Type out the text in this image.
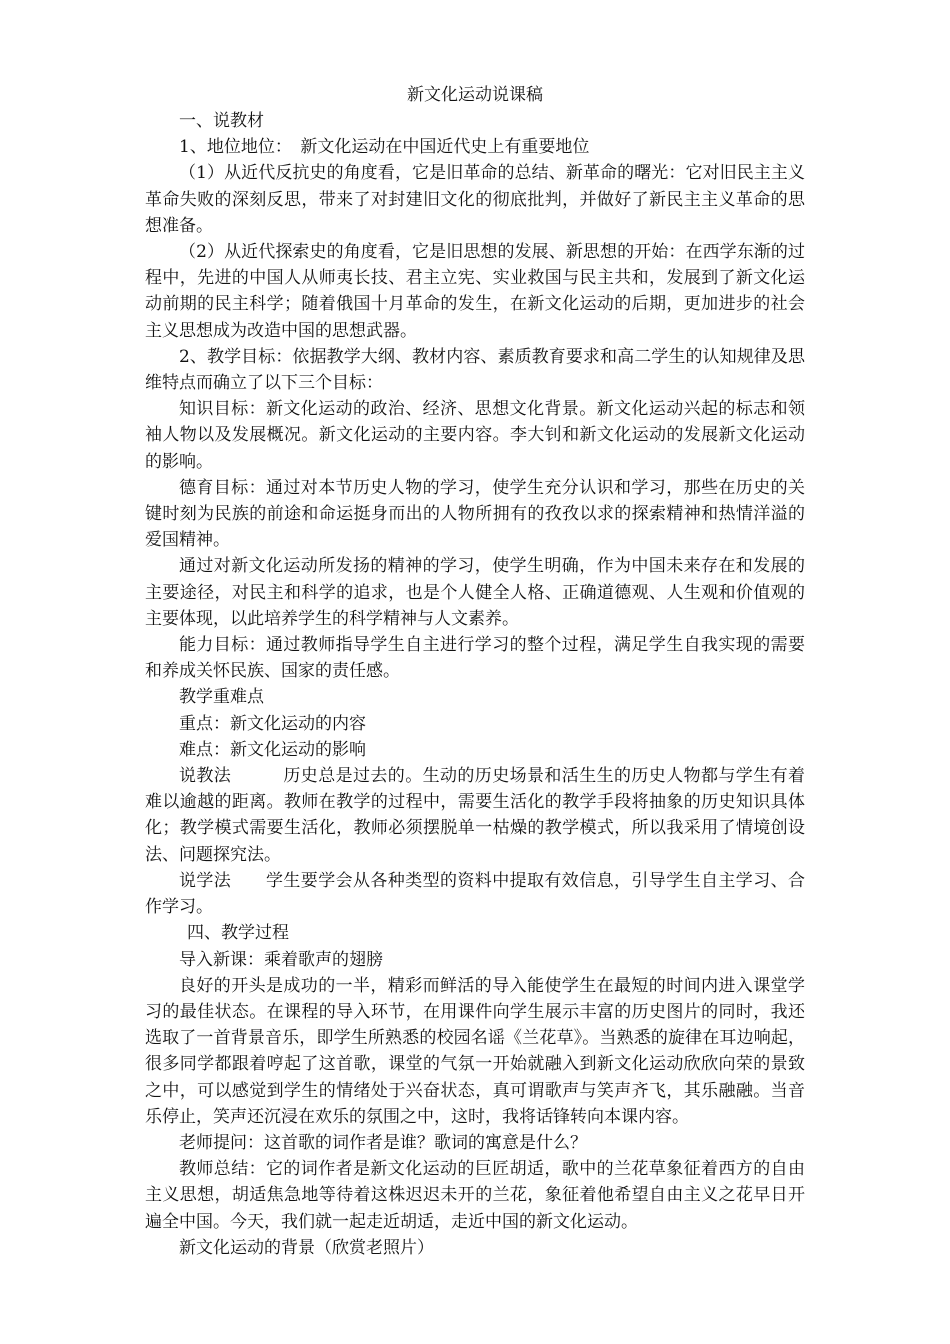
新文化运动说课稿

一、说教材

1、地位地位：　新文化运动在中国近代史上有重要地位

（1）从近代反抗史的角度看，它是旧革命的总结、新革命的曙光：它对旧民主主义革命失败的深刻反思，带来了对封建旧文化的彻底批判，并做好了新民主主义革命的思想准备。

（2）从近代探索史的角度看，它是旧思想的发展、新思想的开始：在西学东渐的过程中，先进的中国人从师夷长技、君主立宪、实业救国与民主共和，发展到了新文化运动前期的民主科学；随着俄国十月革命的发生，在新文化运动的后期，更加进步的社会主义思想成为改造中国的思想武器。

2、教学目标：依据教学大纲、教材内容、素质教育要求和高二学生的认知规律及思维特点而确立了以下三个目标：

知识目标：新文化运动的政治、经济、思想文化背景。新文化运动兴起的标志和领袖人物以及发展概况。新文化运动的主要内容。李大钊和新文化运动的发展新文化运动的影响。

德育目标：通过对本节历史人物的学习，使学生充分认识和学习，那些在历史的关键时刻为民族的前途和命运挺身而出的人物所拥有的孜孜以求的探索精神和热情洋溢的爱国精神。

通过对新文化运动所发扬的精神的学习，使学生明确，作为中国未来存在和发展的主要途径，对民主和科学的追求，也是个人健全人格、正确道德观、人生观和价值观的主要体现，以此培养学生的科学精神与人文素养。

能力目标：通过教师指导学生自主进行学习的整个过程，满足学生自我实现的需要和养成关怀民族、国家的责任感。

教学重难点

重点：新文化运动的内容

难点：新文化运动的影响

说教法　　　历史总是过去的。生动的历史场景和活生生的历史人物都与学生有着难以逾越的距离。教师在教学的过程中，需要生活化的教学手段将抽象的历史知识具体化；教学模式需要生活化，教师必须摆脱单一枯燥的教学模式，所以我采用了情境创设法、问题探究法。

说学法　　学生要学会从各种类型的资料中提取有效信息，引导学生自主学习、合作学习。

四、教学过程

导入新课：乘着歌声的翅膀

良好的开头是成功的一半，精彩而鲜活的导入能使学生在最短的时间内进入课堂学习的最佳状态。在课程的导入环节，在用课件向学生展示丰富的历史图片的同时，我还选取了一首背景音乐，即学生所熟悉的校园名谣《兰花草》。当熟悉的旋律在耳边响起，很多同学都跟着哼起了这首歌，课堂的气氛一开始就融入到新文化运动欣欣向荣的景致之中，可以感觉到学生的情绪处于兴奋状态，真可谓歌声与笑声齐飞，其乐融融。当音乐停止，笑声还沉浸在欢乐的氛围之中，这时，我将话锋转向本课内容。

老师提问：这首歌的词作者是谁？歌词的寓意是什么？

教师总结：它的词作者是新文化运动的巨匠胡适，歌中的兰花草象征着西方的自由主义思想，胡适焦急地等待着这株迟迟未开的兰花，象征着他希望自由主义之花早日开遍全中国。今天，我们就一起走近胡适，走近中国的新文化运动。

新文化运动的背景（欣赏老照片）
